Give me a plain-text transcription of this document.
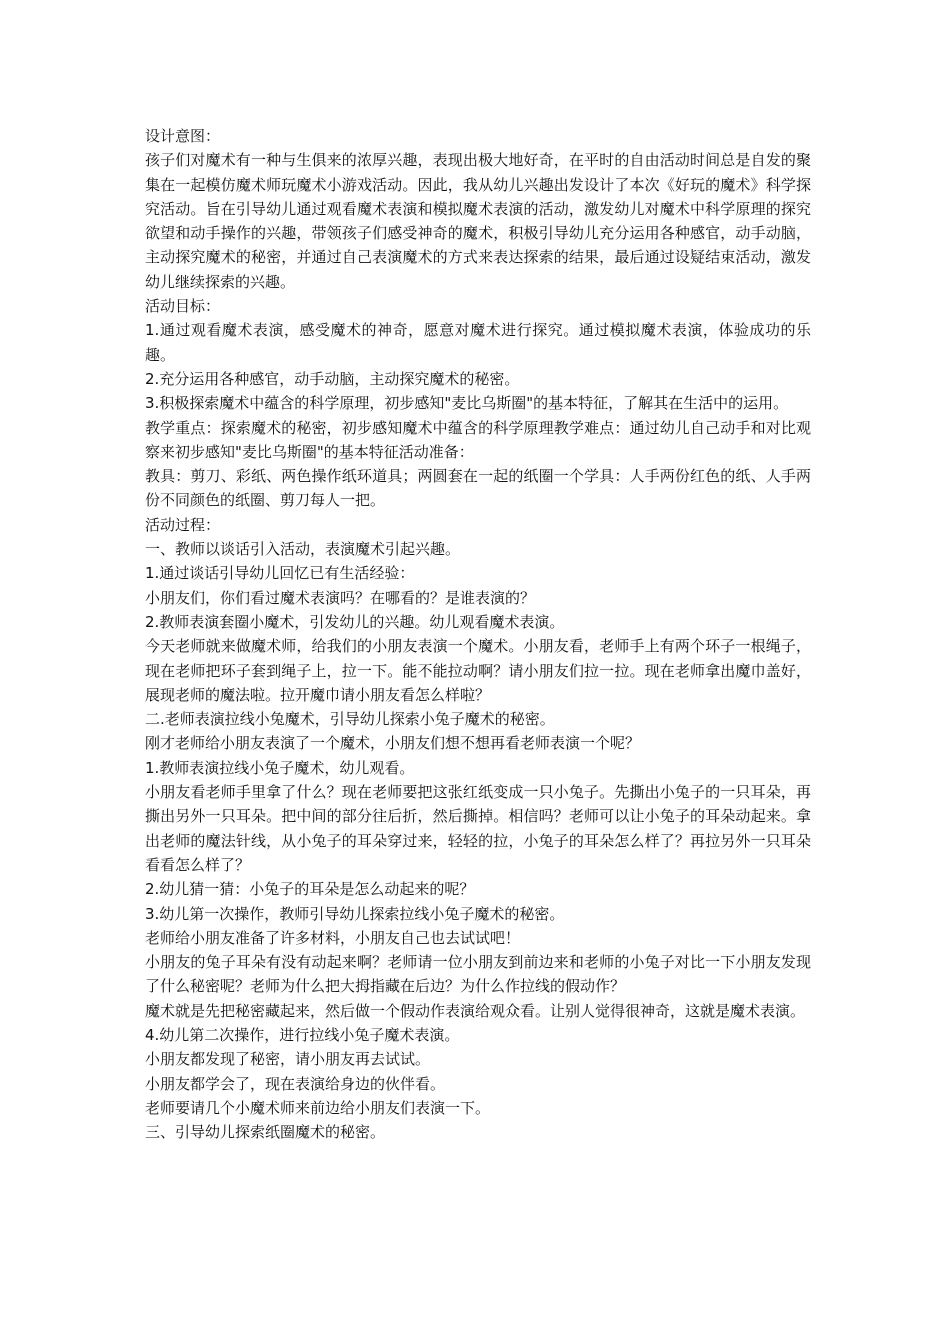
设计意图：

孩子们对魔术有一种与生俱来的浓厚兴趣，表现出极大地好奇，在平时的自由活动时间总是自发的聚集在一起模仿魔术师玩魔术小游戏活动。因此，我从幼儿兴趣出发设计了本次《好玩的魔术》科学探究活动。旨在引导幼儿通过观看魔术表演和模拟魔术表演的活动，激发幼儿对魔术中科学原理的探究欲望和动手操作的兴趣，带领孩子们感受神奇的魔术，积极引导幼儿充分运用各种感官，动手动脑，主动探究魔术的秘密，并通过自己表演魔术的方式来表达探索的结果，最后通过设疑结束活动，激发幼儿继续探索的兴趣。

活动目标：

1.通过观看魔术表演，感受魔术的神奇，愿意对魔术进行探究。通过模拟魔术表演，体验成功的乐趣。

2.充分运用各种感官，动手动脑，主动探究魔术的秘密。

3.积极探索魔术中蕴含的科学原理，初步感知"麦比乌斯圈"的基本特征，了解其在生活中的运用。

教学重点：探索魔术的秘密，初步感知魔术中蕴含的科学原理教学难点：通过幼儿自己动手和对比观察来初步感知"麦比乌斯圈"的基本特征活动准备：

教具：剪刀、彩纸、两色操作纸环道具；两圆套在一起的纸圈一个学具：人手两份红色的纸、人手两份不同颜色的纸圈、剪刀每人一把。

活动过程：

一、教师以谈话引入活动，表演魔术引起兴趣。

1.通过谈话引导幼儿回忆已有生活经验：

小朋友们，你们看过魔术表演吗？在哪看的？是谁表演的？

2.教师表演套圈小魔术，引发幼儿的兴趣。幼儿观看魔术表演。

今天老师就来做魔术师，给我们的小朋友表演一个魔术。小朋友看，老师手上有两个环子一根绳子，现在老师把环子套到绳子上，拉一下。能不能拉动啊？请小朋友们拉一拉。现在老师拿出魔巾盖好，展现老师的魔法啦。拉开魔巾请小朋友看怎么样啦？

二.老师表演拉线小兔魔术，引导幼儿探索小兔子魔术的秘密。

刚才老师给小朋友表演了一个魔术，小朋友们想不想再看老师表演一个呢？

1.教师表演拉线小兔子魔术，幼儿观看。

小朋友看老师手里拿了什么？现在老师要把这张红纸变成一只小兔子。先撕出小兔子的一只耳朵，再撕出另外一只耳朵。把中间的部分往后折，然后撕掉。相信吗？老师可以让小兔子的耳朵动起来。拿出老师的魔法针线，从小兔子的耳朵穿过来，轻轻的拉，小兔子的耳朵怎么样了？再拉另外一只耳朵看看怎么样了？

2.幼儿猜一猜：小兔子的耳朵是怎么动起来的呢？

3.幼儿第一次操作，教师引导幼儿探索拉线小兔子魔术的秘密。

老师给小朋友准备了许多材料，小朋友自己也去试试吧！

小朋友的兔子耳朵有没有动起来啊？老师请一位小朋友到前边来和老师的小兔子对比一下小朋友发现了什么秘密呢？老师为什么把大拇指藏在后边？为什么作拉线的假动作？

魔术就是先把秘密藏起来，然后做一个假动作表演给观众看。让别人觉得很神奇，这就是魔术表演。

4.幼儿第二次操作，进行拉线小兔子魔术表演。

小朋友都发现了秘密，请小朋友再去试试。

小朋友都学会了，现在表演给身边的伙伴看。

老师要请几个小魔术师来前边给小朋友们表演一下。

三、引导幼儿探索纸圈魔术的秘密。
